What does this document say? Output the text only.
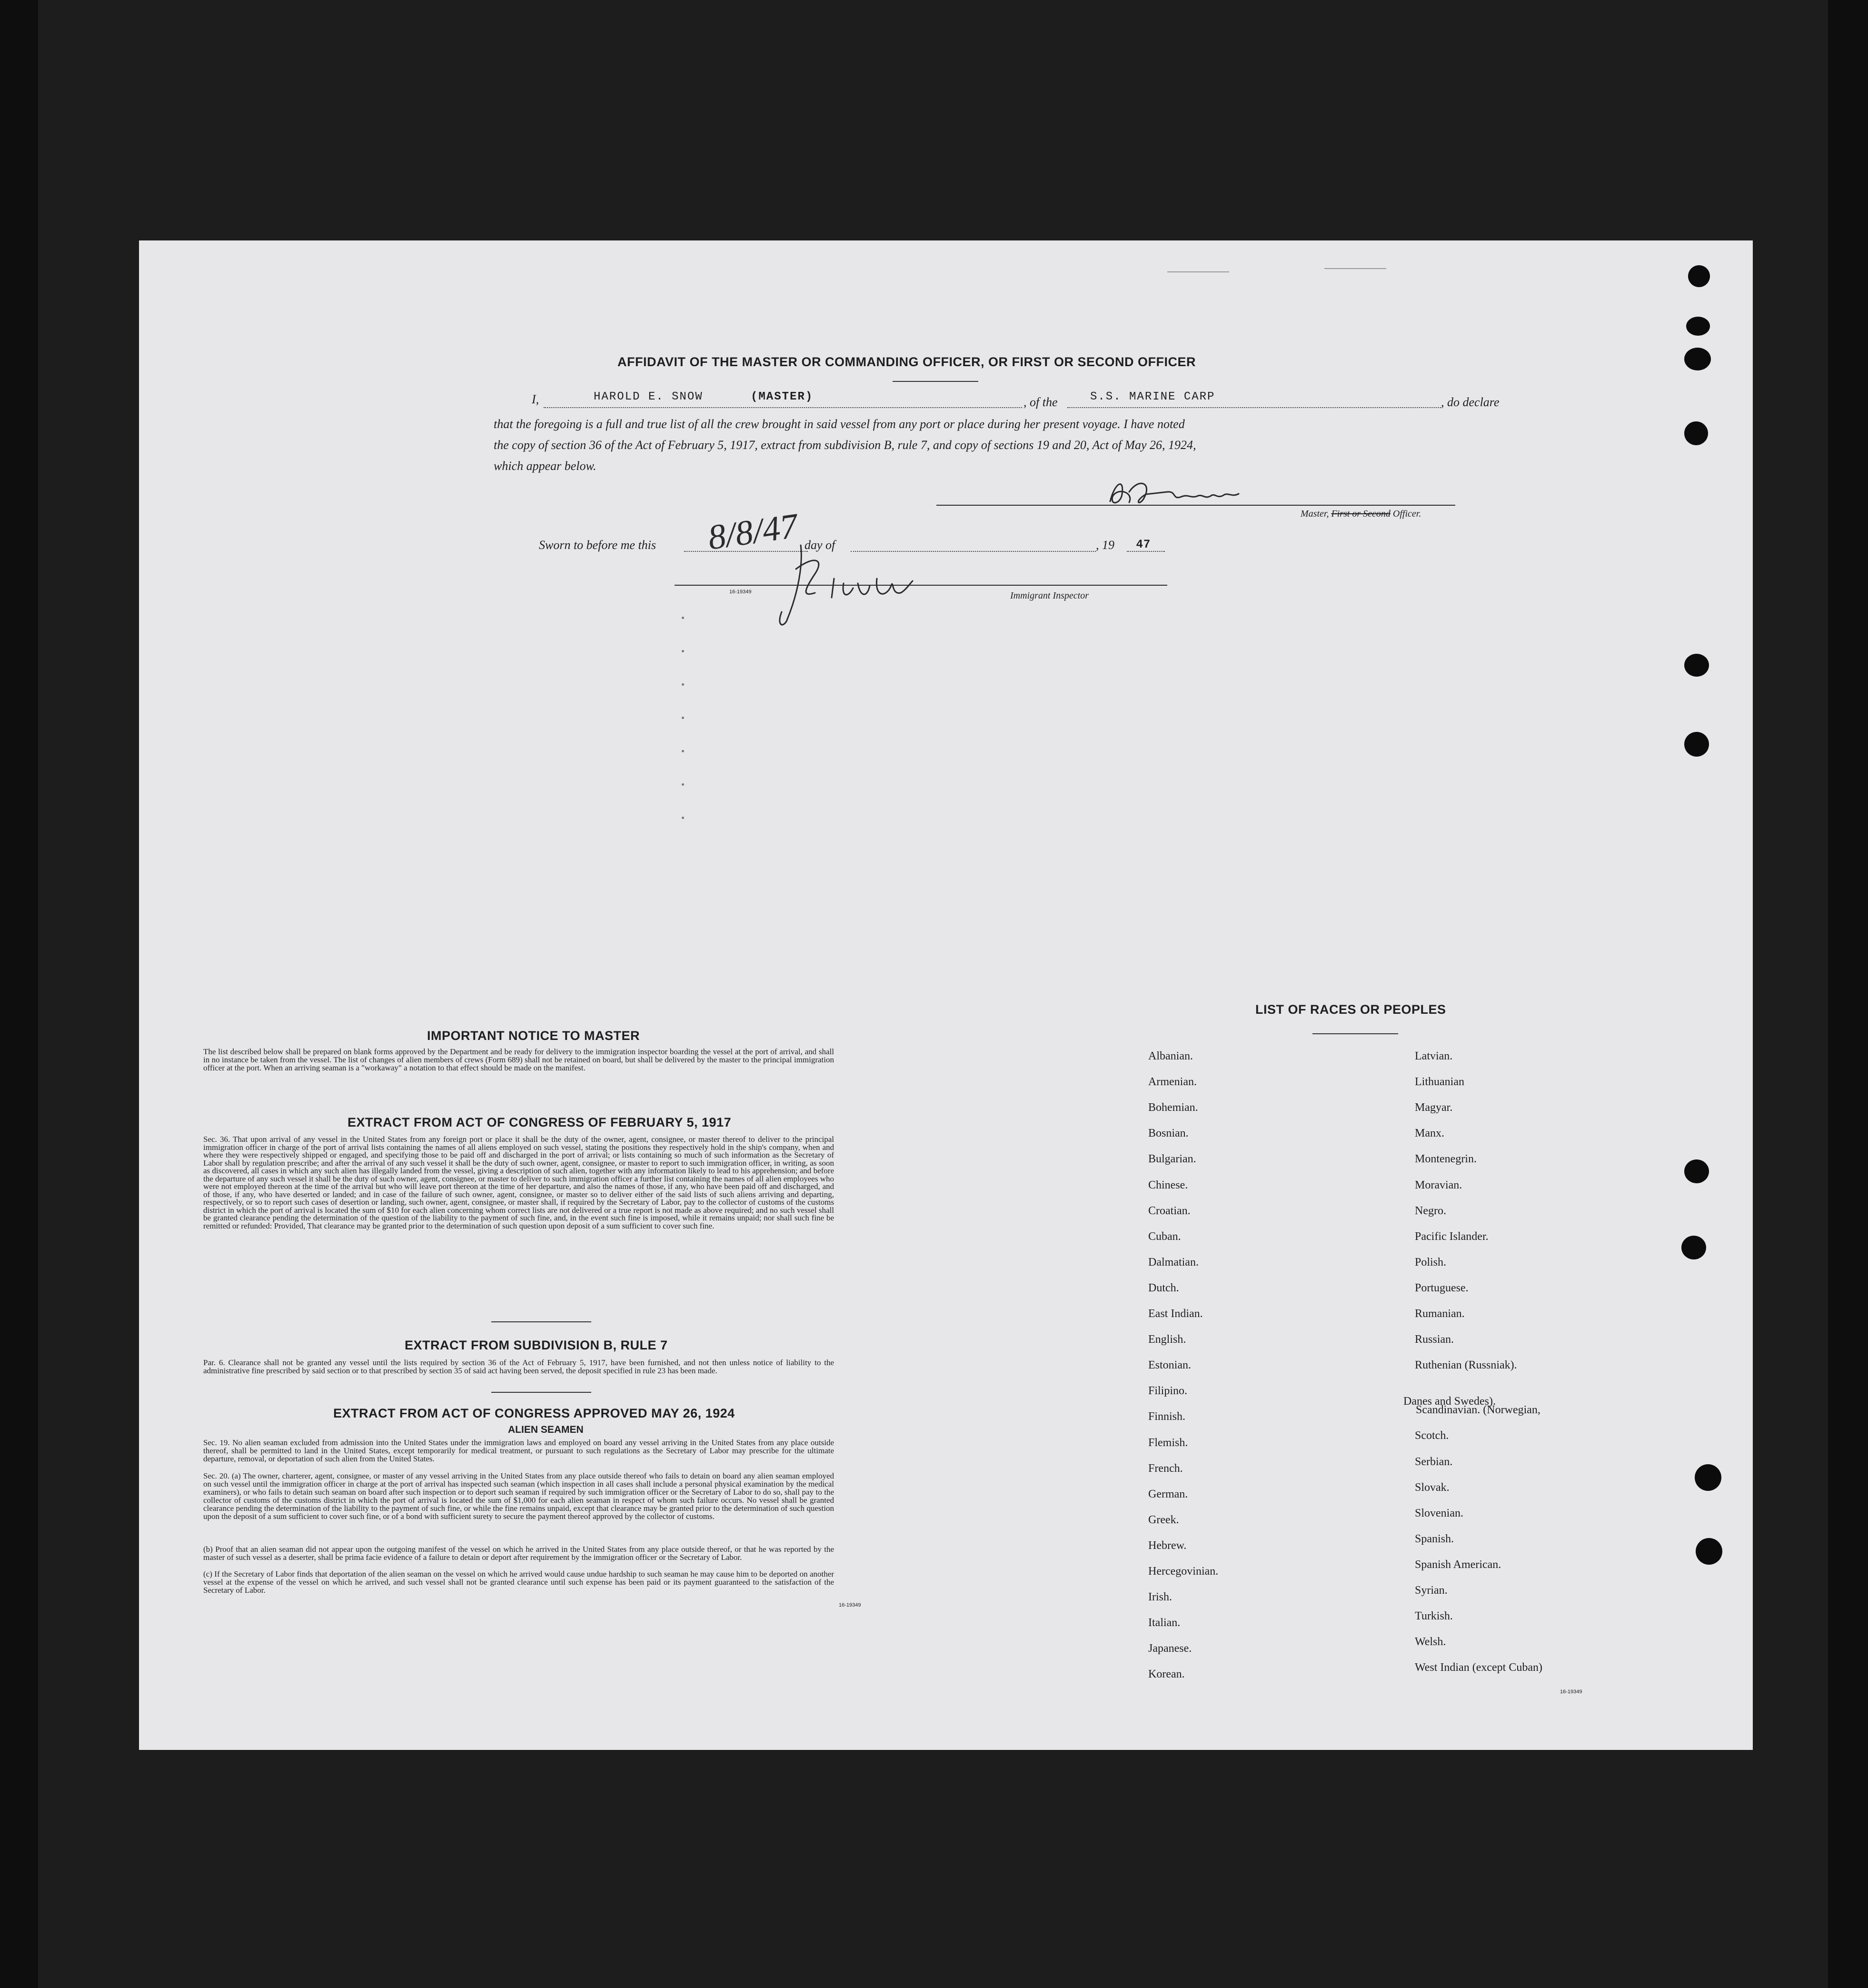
AFFIDAVIT OF THE MASTER OR COMMANDING OFFICER, OR FIRST OR SECOND OFFICER
I,	HAROLD E. SNOW	(MASTER)	, of the	S.S. MARINE CARP	, do declare
that the foregoing is a full and true list of all the crew brought in said vessel from any port or place during her present voyage. I have noted
the copy of section 36 of the Act of February 5, 1917, extract from subdivision B, rule 7, and copy of sections 19 and 20, Act of May 26, 1924,
which appear below.
Master, First or Second Officer.
Sworn to before me this 8/8/47 day of	, 19 47
16-19349	Immigrant Inspector
IMPORTANT NOTICE TO MASTER
The list described below shall be prepared on blank forms approved by the Department and be ready for delivery to the immigration inspector boarding the vessel at the port of arrival, and shall in no instance be taken from the vessel. The list of changes of alien members of crews (Form 689) shall not be retained on board, but shall be delivered by the master to the principal immigration officer at the port. When an arriving seaman is a "workaway" a notation to that effect should be made on the manifest.
EXTRACT FROM ACT OF CONGRESS OF FEBRUARY 5, 1917
Sec. 36. That upon arrival of any vessel in the United States from any foreign port or place it shall be the duty of the owner, agent, consignee, or master thereof to deliver to the principal immigration officer in charge of the port of arrival lists containing the names of all aliens employed on such vessel, stating the positions they respectively hold in the ship's company, when and where they were respectively shipped or engaged, and specifying those to be paid off and discharged in the port of arrival; or lists containing so much of such information as the Secretary of Labor shall by regulation prescribe; and after the arrival of any such vessel it shall be the duty of such owner, agent, consignee, or master to report to such immigration officer, in writing, as soon as discovered, all cases in which any such alien has illegally landed from the vessel, giving a description of such alien, together with any information likely to lead to his apprehension; and before the departure of any such vessel it shall be the duty of such owner, agent, consignee, or master to deliver to such immigration officer a further list containing the names of all alien employees who were not employed thereon at the time of the arrival but who will leave port thereon at the time of her departure, and also the names of those, if any, who have been paid off and discharged, and of those, if any, who have deserted or landed; and in case of the failure of such owner, agent, consignee, or master so to deliver either of the said lists of such aliens arriving and departing, respectively, or so to report such cases of desertion or landing, such owner, agent, consignee, or master shall, if required by the Secretary of Labor, pay to the collector of customs of the customs district in which the port of arrival is located the sum of $10 for each alien concerning whom correct lists are not delivered or a true report is not made as above required; and no such vessel shall be granted clearance pending the determination of the question of the liability to the payment of such fine, and, in the event such fine is imposed, while it remains unpaid; nor shall such fine be remitted or refunded: Provided, That clearance may be granted prior to the determination of such question upon deposit of a sum sufficient to cover such fine.
EXTRACT FROM SUBDIVISION B, RULE 7
Par. 6. Clearance shall not be granted any vessel until the lists required by section 36 of the Act of February 5, 1917, have been furnished, and not then unless notice of liability to the administrative fine prescribed by said section or to that prescribed by section 35 of said act having been served, the deposit specified in rule 23 has been made.
EXTRACT FROM ACT OF CONGRESS APPROVED MAY 26, 1924
ALIEN SEAMEN
Sec. 19. No alien seaman excluded from admission into the United States under the immigration laws and employed on board any vessel arriving in the United States from any place outside thereof, shall be permitted to land in the United States, except temporarily for medical treatment, or pursuant to such regulations as the Secretary of Labor may prescribe for the ultimate departure, removal, or deportation of such alien from the United States.
Sec. 20. (a) The owner, charterer, agent, consignee, or master of any vessel arriving in the United States from any place outside thereof who fails to detain on board any alien seaman employed on such vessel until the immigration officer in charge at the port of arrival has inspected such seaman (which inspection in all cases shall include a personal physical examination by the medical examiners), or who fails to detain such seaman on board after such inspection or to deport such seaman if required by such immigration officer or the Secretary of Labor to do so, shall pay to the collector of customs of the customs district in which the port of arrival is located the sum of $1,000 for each alien seaman in respect of whom such failure occurs. No vessel shall be granted clearance pending the determination of the liability to the payment of such fine, or while the fine remains unpaid, except that clearance may be granted prior to the determination of such question upon the deposit of a sum sufficient to cover such fine, or of a bond with sufficient surety to secure the payment thereof approved by the collector of customs.
(b) Proof that an alien seaman did not appear upon the outgoing manifest of the vessel on which he arrived in the United States from any place outside thereof, or that he was reported by the master of such vessel as a deserter, shall be prima facie evidence of a failure to detain or deport after requirement by the immigration officer or the Secretary of Labor.
(c) If the Secretary of Labor finds that deportation of the alien seaman on the vessel on which he arrived would cause undue hardship to such seaman he may cause him to be deported on another vessel at the expense of the vessel on which he arrived, and such vessel shall not be granted clearance until such expense has been paid or its payment guaranteed to the satisfaction of the Secretary of Labor.
16-19349
LIST OF RACES OR PEOPLES
Danes and Swedes).
16-19349
Albanian.
Armenian.
Bohemian.
Bosnian.
Bulgarian.
Chinese.
Croatian.
Cuban.
Dalmatian.
Dutch.
East Indian.
English.
Estonian.
Filipino.
Finnish.
Flemish.
French.
German.
Greek.
Hebrew.
Hercegovinian.
Irish.
Italian.
Japanese.
Korean.
Latvian.
Lithuanian
Magyar.
Manx.
Montenegrin.
Moravian.
Negro.
Pacific Islander.
Polish.
Portuguese.
Rumanian.
Russian.
Ruthenian (Russniak).
Scandinavian. (Norwegian,
Scotch.
Serbian.
Slovak.
Slovenian.
Spanish.
Spanish American.
Syrian.
Turkish.
Welsh.
West Indian (except Cuban)
